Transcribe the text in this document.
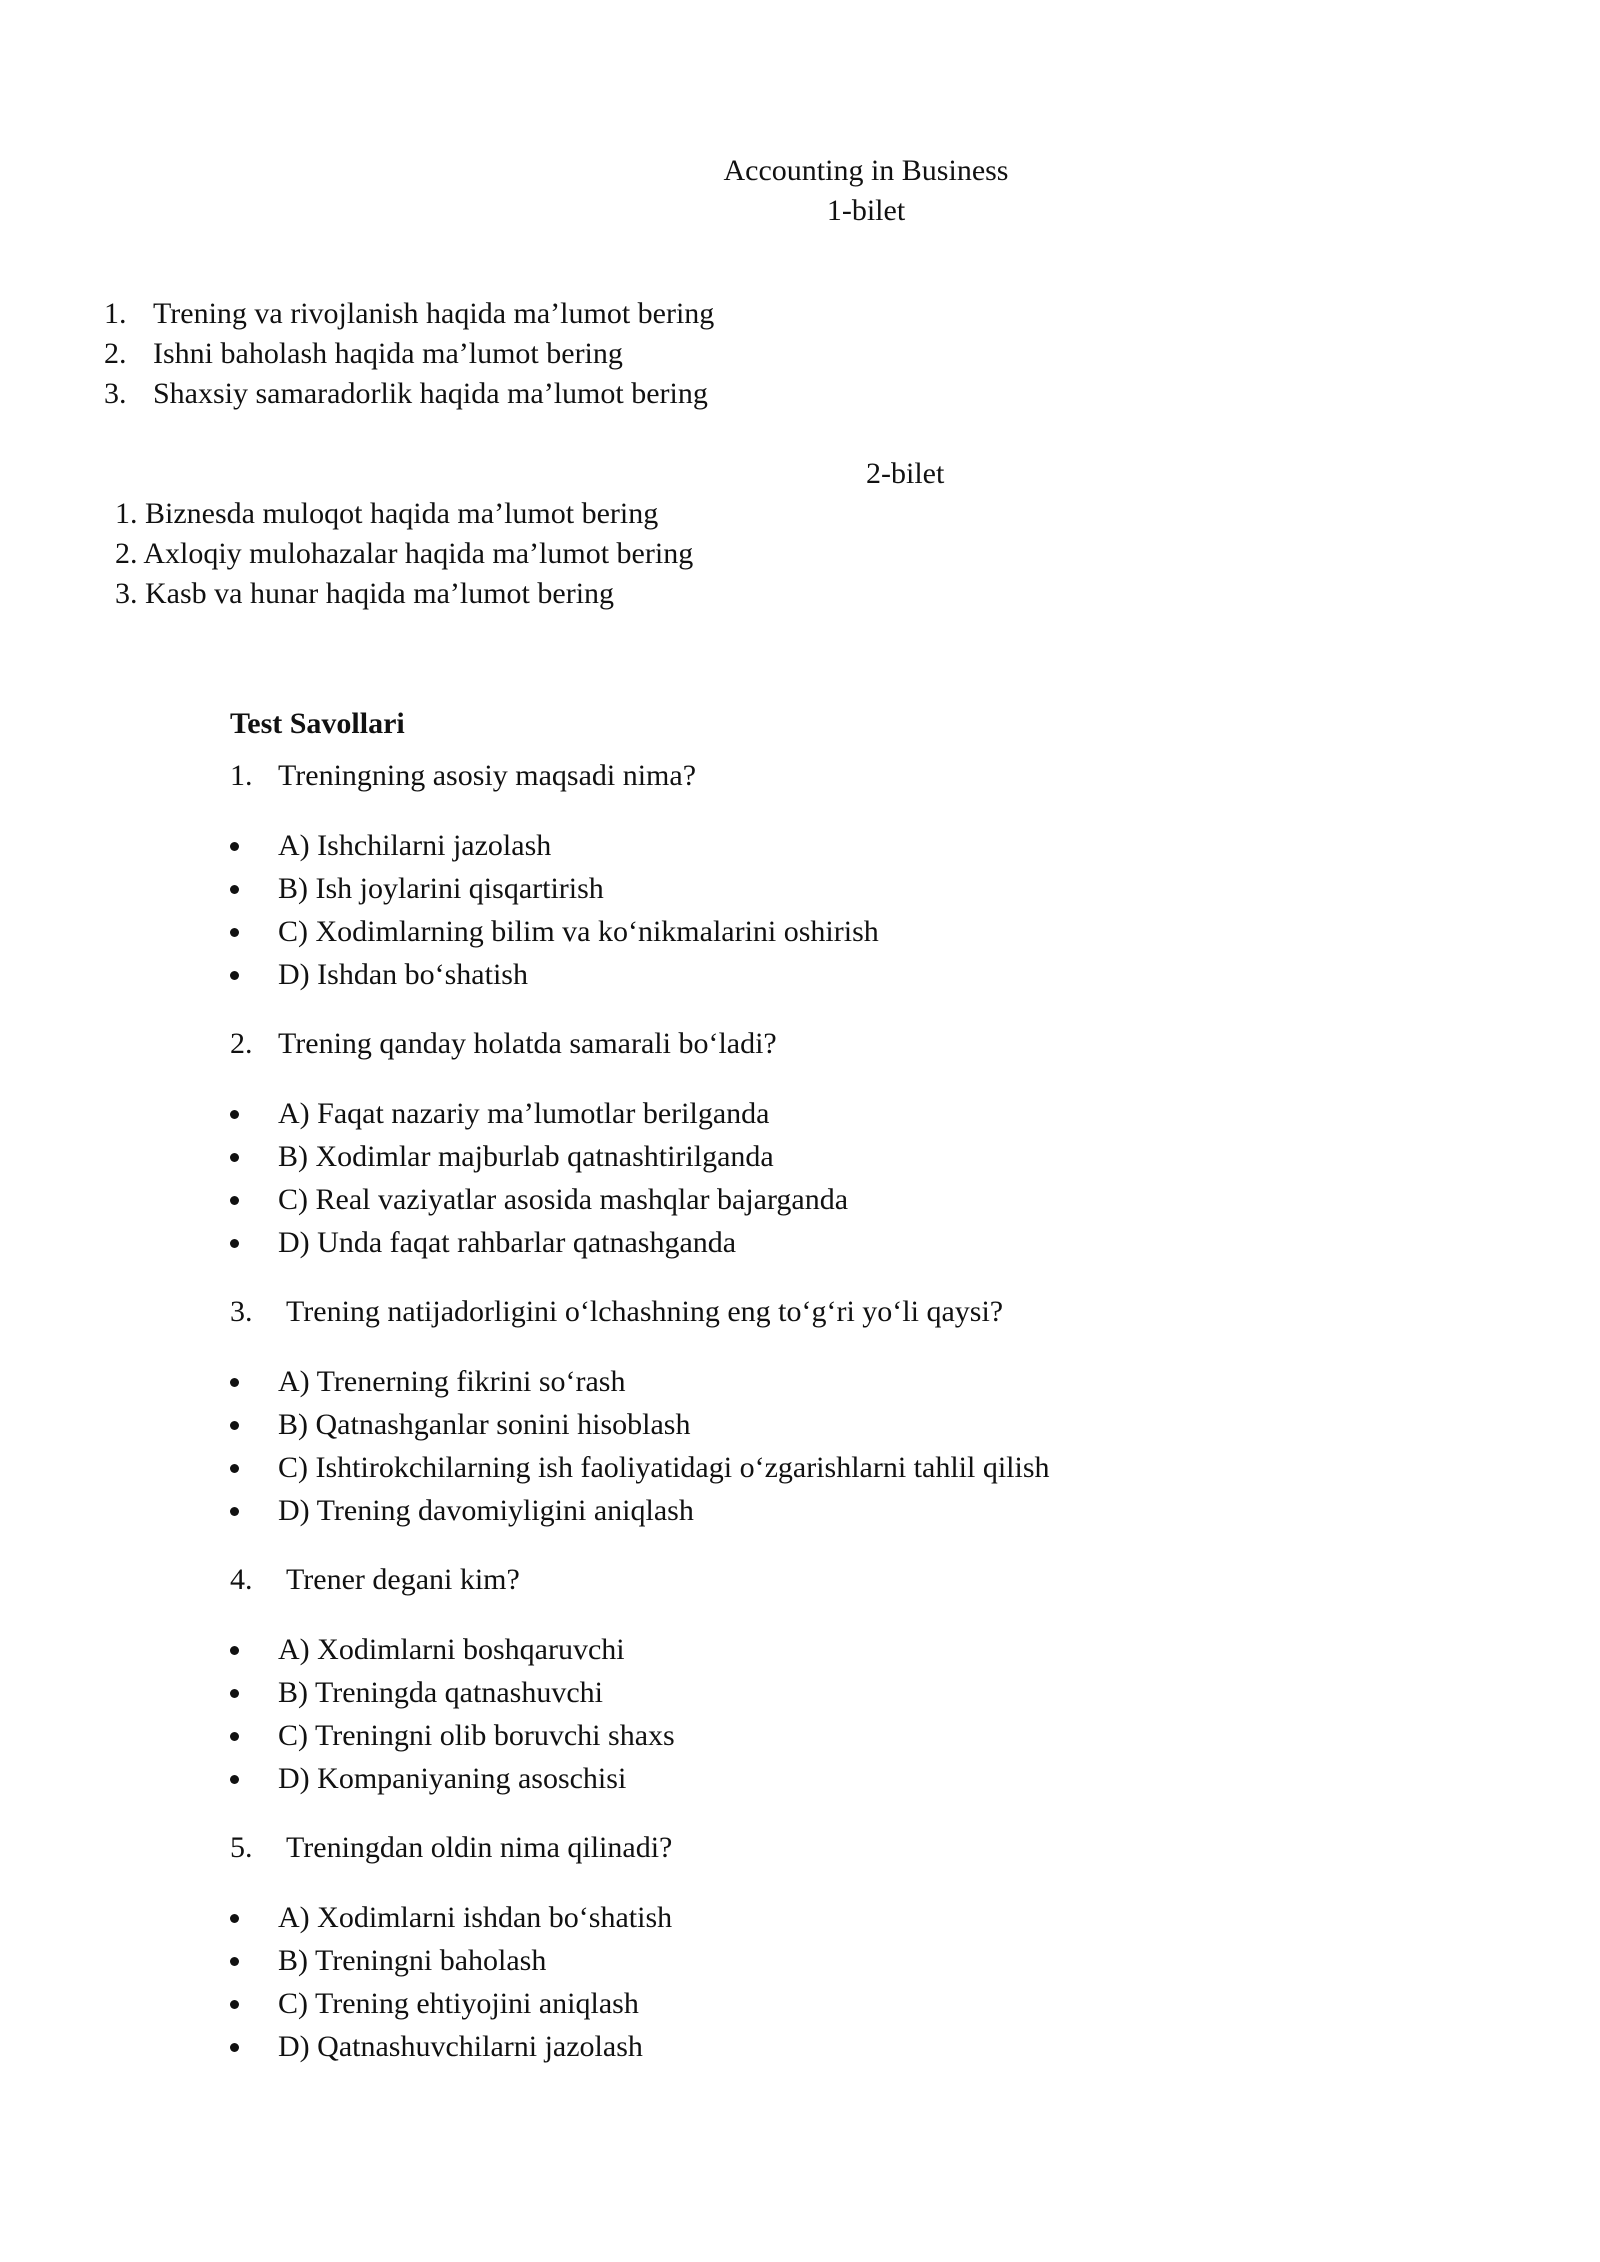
Accounting in Business
1-bilet
1. Trening va rivojlanish haqida ma’lumot bering
2. Ishni baholash haqida ma’lumot bering
3. Shaxsiy samaradorlik haqida ma’lumot bering
2-bilet
1. Biznesda muloqot haqida ma’lumot bering
2. Axloqiy mulohazalar haqida ma’lumot bering
3. Kasb va hunar haqida ma’lumot bering
Test Savollari
1. Treningning asosiy maqsadi nima?
A) Ishchilarni jazolash
B) Ish joylarini qisqartirish
C) Xodimlarning bilim va ko‘nikmalarini oshirish
D) Ishdan bo‘shatish
2. Trening qanday holatda samarali bo‘ladi?
A) Faqat nazariy ma’lumotlar berilganda
B) Xodimlar majburlab qatnashtirilganda
C) Real vaziyatlar asosida mashqlar bajarganda
D) Unda faqat rahbarlar qatnashganda
3. Trening natijadorligini o‘lchashning eng to‘g‘ri yo‘li qaysi?
A) Trenerning fikrini so‘rash
B) Qatnashganlar sonini hisoblash
C) Ishtirokchilarning ish faoliyatidagi o‘zgarishlarni tahlil qilish
D) Trening davomiyligini aniqlash
4. Trener degani kim?
A) Xodimlarni boshqaruvchi
B) Treningda qatnashuvchi
C) Treningni olib boruvchi shaxs
D) Kompaniyaning asoschisi
5. Treningdan oldin nima qilinadi?
A) Xodimlarni ishdan bo‘shatish
B) Treningni baholash
C) Trening ehtiyojini aniqlash
D) Qatnashuvchilarni jazolash
